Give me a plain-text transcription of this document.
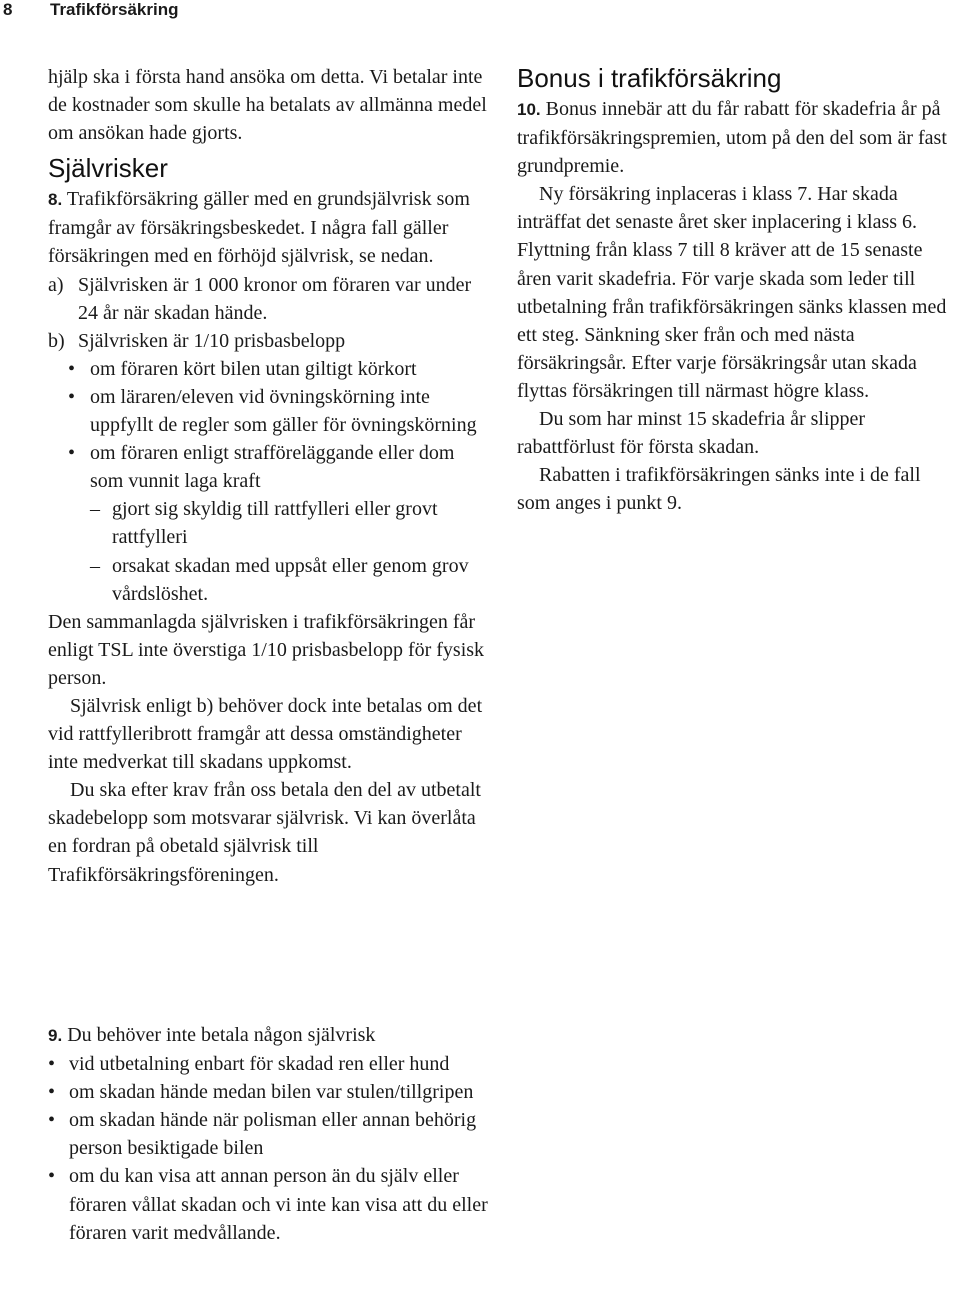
8 Trafikförsäkring

hjälp ska i första hand ansöka om detta. Vi betalar inte de kostnader som skulle ha betalats av allmänna medel om ansökan hade gjorts.

Självrisker

8. Trafikförsäkring gäller med en grundsjälvrisk som framgår av försäkringsbeskedet. I några fall gäller försäkringen med en förhöjd självrisk, se nedan.

a) Självrisken är 1 000 kronor om föraren var under 24 år när skadan hände.
b) Självrisken är 1/10 prisbasbelopp
• om föraren kört bilen utan giltigt körkort
• om läraren/eleven vid övningskörning inte uppfyllt de regler som gäller för övningskörning
• om föraren enligt strafföreläggande eller dom som vunnit laga kraft
– gjort sig skyldig till rattfylleri eller grovt rattfylleri
– orsakat skadan med uppsåt eller genom grov vårdslöshet.

Den sammanlagda självrisken i trafikförsäkringen får enligt TSL inte överstiga 1/10 prisbasbelopp för fysisk person.

Självrisk enligt b) behöver dock inte betalas om det vid rattfylleribrott framgår att dessa omständigheter inte medverkat till skadans uppkomst.

Du ska efter krav från oss betala den del av utbetalt skadebelopp som motsvarar självrisk. Vi kan överlåta en fordran på obetald självrisk till Trafikförsäkringsföreningen.

Bonus i trafikförsäkring

10. Bonus innebär att du får rabatt för skadefria år på trafikförsäkringspremien, utom på den del som är fast grundpremie.

Ny försäkring inplaceras i klass 7. Har skada inträffat det senaste året sker inplacering i klass 6. Flyttning från klass 7 till 8 kräver att de 15 senaste åren varit skadefria. För varje skada som leder till utbetalning från trafikförsäkringen sänks klassen med ett steg. Sänkning sker från och med nästa försäkringsår. Efter varje försäkringsår utan skada flyttas försäkringen till närmast högre klass.

Du som har minst 15 skadefria år slipper rabattförlust för första skadan.

Rabatten i trafikförsäkringen sänks inte i de fall som anges i punkt 9.

9. Du behöver inte betala någon självrisk

• vid utbetalning enbart för skadad ren eller hund
• om skadan hände medan bilen var stulen/tillgripen
• om skadan hände när polisman eller annan behörig person besiktigade bilen
• om du kan visa att annan person än du själv eller föraren vållat skadan och vi inte kan visa att du eller föraren varit medvållande.
